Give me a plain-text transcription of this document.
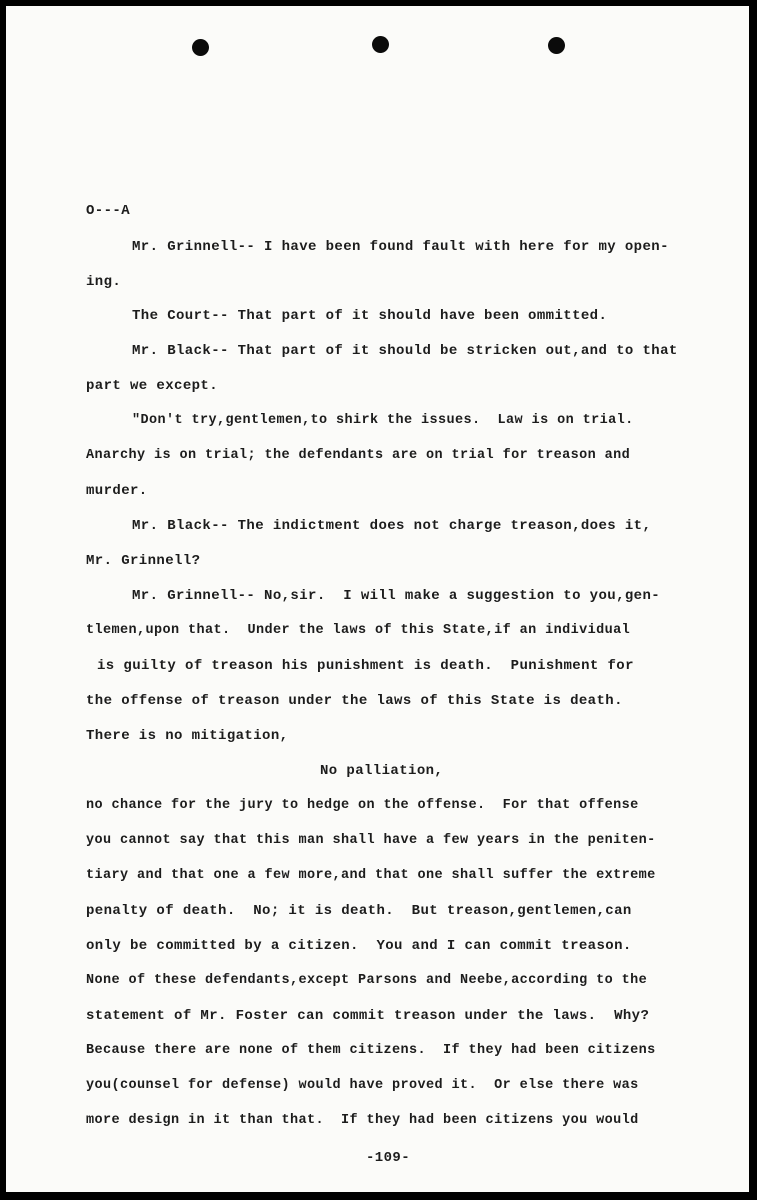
O---A
Mr. Grinnell-- I have been found fault with here for my open-
ing.
The Court-- That part of it should have been ommitted.
Mr. Black-- That part of it should be stricken out,and to that
part we except.
"Don't try,gentlemen,to shirk the issues.  Law is on trial.
Anarchy is on trial; the defendants are on trial for treason and
murder.
Mr. Black-- The indictment does not charge treason,does it,
Mr. Grinnell?
Mr. Grinnell-- No,sir.  I will make a suggestion to you,gen-
tlemen,upon that.  Under the laws of this State,if an individual
is guilty of treason his punishment is death.  Punishment for
the offense of treason under the laws of this State is death.
There is no mitigation,
No palliation,
no chance for the jury to hedge on the offense.  For that offense
you cannot say that this man shall have a few years in the peniten-
tiary and that one a few more,and that one shall suffer the extreme
penalty of death.  No; it is death.  But treason,gentlemen,can
only be committed by a citizen.  You and I can commit treason.
None of these defendants,except Parsons and Neebe,according to the
statement of Mr. Foster can commit treason under the laws.  Why?
Because there are none of them citizens.  If they had been citizens
you(counsel for defense) would have proved it.  Or else there was
more design in it than that.  If they had been citizens you would
-109-
